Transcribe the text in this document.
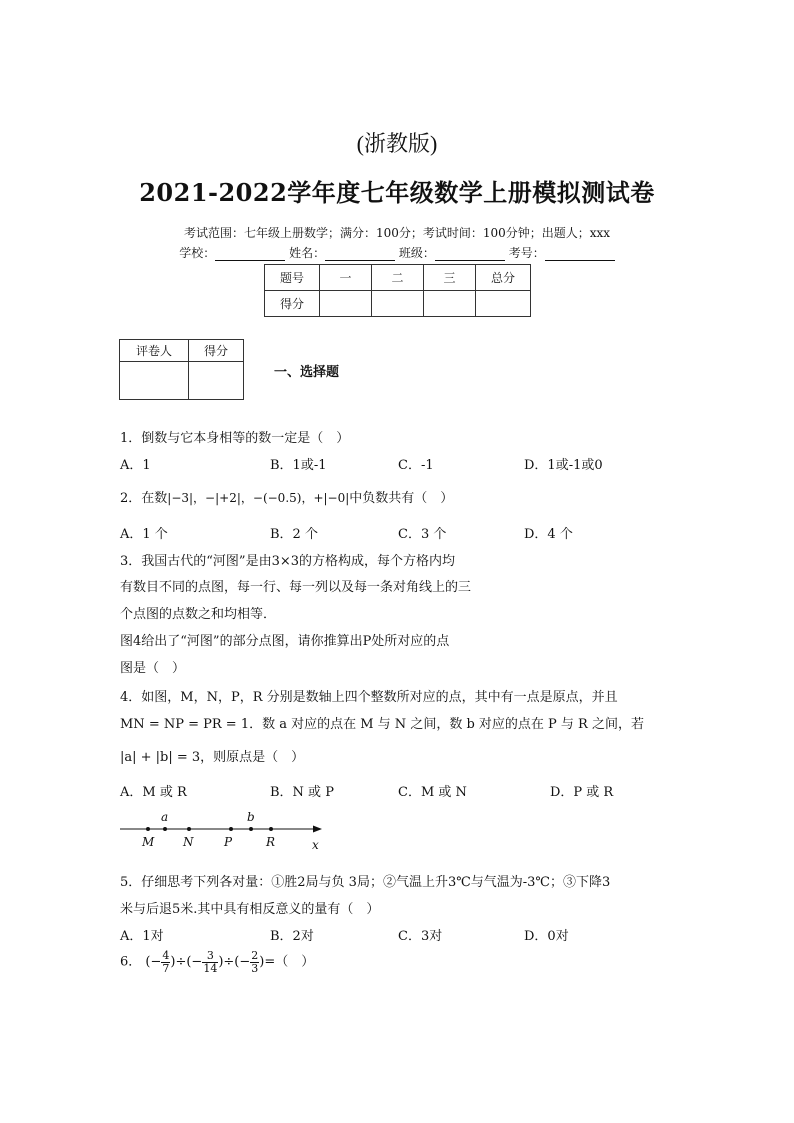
(浙教版)
2021-2022学年度七年级数学上册模拟测试卷
考试范围：七年级上册数学；满分：100分；考试时间：100分钟；出题人；xxx
学校：	姓名：	班级：	考号：
题号	一	二	三	总分
得分				
评卷人	得分

一、选择题
1．倒数与它本身相等的数一定是（　）
A．1	B．1或-1	C．-1	D．1或-1或0
2．在数|−3|，−|+2|，−(−0.5)，+|−0|中负数共有（　）
A．1 个	B．2 个	C．3 个	D．4 个
3．我国古代的“河图”是由3×3的方格构成，每个方格内均
有数目不同的点图，每一行、每一列以及每一条对角线上的三
个点图的点数之和均相等．
图4给出了“河图”的部分点图，请你推算出P处所对应的点
图是（　）
4．如图，M，N，P，R 分别是数轴上四个整数所对应的点，其中有一点是原点，并且
MN = NP = PR = 1．数 a 对应的点在 M 与 N 之间，数 b 对应的点在 P 与 R 之间，若
|a| + |b| = 3，则原点是（　）
A．M 或 R	B．N 或 P	C．M 或 N	D．P 或 R
a	b
M N	P	R	x
5．仔细思考下列各对量：①胜2局与负 3局；②气温上升3℃与气温为-3℃；③下降3
米与后退5米.其中具有相反意义的量有（　）
A．1对	B．2对	C．3对	D．0对
6． (− $\frac{4}{7}$ )÷(− $\frac{3}{14}$ )÷(− $\frac{2}{3}$ )=（　）
